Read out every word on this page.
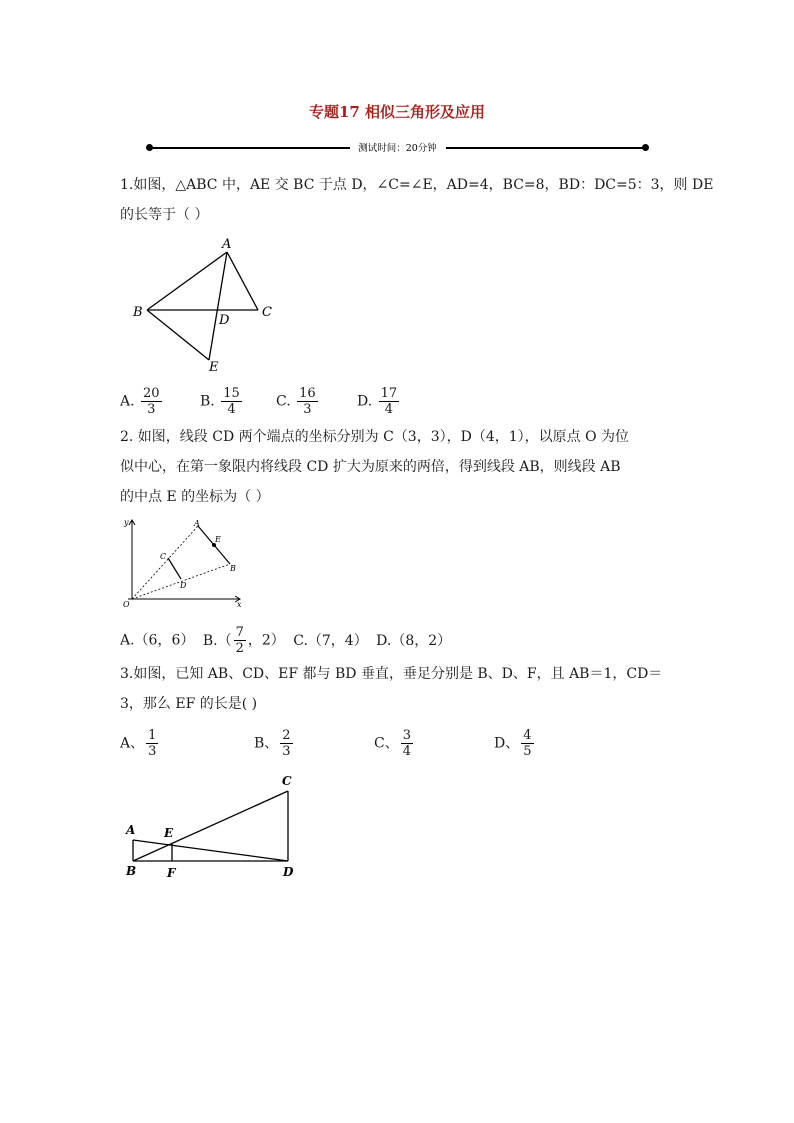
专题17 相似三角形及应用
测试时间：20分钟
1.如图，△ABC 中，AE 交 BC 于点 D，∠C=∠E，AD=4，BC=8，BD：DC=5：3，则 DE
的长等于（ ）
A
B	C
D
E
A. $\frac{20}{3}$	B. $\frac{15}{4} C$. $\frac{16}{3}$	D. $\frac{17}{4}$
2. 如图，线段 CD 两个端点的坐标分别为 C（3，3），D（4，1），以原点 O 为位
似中心，在第一象限内将线段 CD 扩大为原来的两倍，得到线段 AB，则线段 AB
的中点 E 的坐标为（ ）
y
x
O
A
E
B
C
D
A.（6，6） $B.( \frac{7}{2}$ ，2） C.（7，4） D.（8，2）
3.如图，已知 AB、CD、EF 都与 BD 垂直，垂足分别是 B、D、F，且 AB＝1，CD＝
3，那么 EF 的长是( )
A、 $\frac{1}{3}$	B、 $\frac{2}{3}$	C、 $\frac{3}{4}$	D、 $\frac{4}{5}$
A
B
C
D
E
F
